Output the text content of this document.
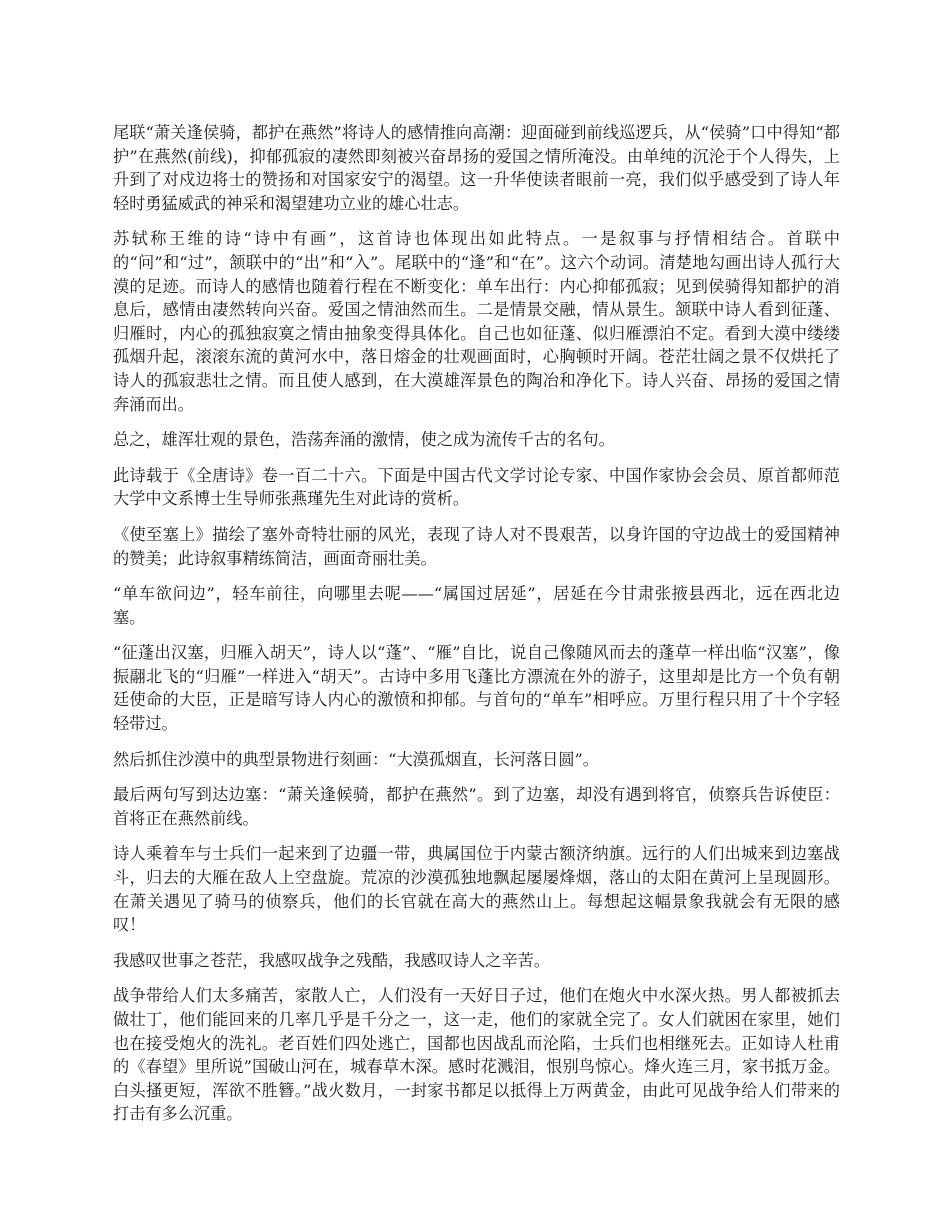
尾联“萧关逢侯骑，都护在燕然”将诗人的感情推向高潮：迎面碰到前线巡逻兵，从“侯骑”口中得知“都护”在燕然(前线)，抑郁孤寂的凄然即刻被兴奋昂扬的爱国之情所淹没。由单纯的沉沦于个人得失，上升到了对戍边将士的赞扬和对国家安宁的渴望。这一升华使读者眼前一亮，我们似乎感受到了诗人年轻时勇猛威武的神采和渴望建功立业的雄心壮志。

苏轼称王维的诗“诗中有画”，这首诗也体现出如此特点。一是叙事与抒情相结合。首联中的“问”和“过”，颔联中的“出”和“入”。尾联中的“逢”和“在”。这六个动词。清楚地勾画出诗人孤行大漠的足迹。而诗人的感情也随着行程在不断变化：单车出行：内心抑郁孤寂；见到侯骑得知都护的消息后，感情由凄然转向兴奋。爱国之情油然而生。二是情景交融，情从景生。颔联中诗人看到征蓬、归雁时，内心的孤独寂寞之情由抽象变得具体化。自己也如征蓬、似归雁漂泊不定。看到大漠中缕缕孤烟升起，滚滚东流的黄河水中，落日熔金的壮观画面时，心胸顿时开阔。苍茫壮阔之景不仅烘托了诗人的孤寂悲壮之情。而且使人感到，在大漠雄浑景色的陶冶和净化下。诗人兴奋、昂扬的爱国之情奔涌而出。

总之，雄浑壮观的景色，浩荡奔涌的激情，使之成为流传千古的名句。

此诗载于《全唐诗》卷一百二十六。下面是中国古代文学讨论专家、中国作家协会会员、原首都师范大学中文系博士生导师张燕瑾先生对此诗的赏析。

《使至塞上》描绘了塞外奇特壮丽的风光，表现了诗人对不畏艰苦，以身许国的守边战士的爱国精神的赞美；此诗叙事精练简洁，画面奇丽壮美。

“单车欲问边”，轻车前往，向哪里去呢——“属国过居延”，居延在今甘肃张掖县西北，远在西北边塞。

“征蓬出汉塞，归雁入胡天”，诗人以“蓬”、“雁”自比，说自己像随风而去的蓬草一样出临“汉塞”，像振翮北飞的“归雁”一样进入“胡天”。古诗中多用飞蓬比方漂流在外的游子，这里却是比方一个负有朝廷使命的大臣，正是暗写诗人内心的激愤和抑郁。与首句的“单车”相呼应。万里行程只用了十个字轻轻带过。

然后抓住沙漠中的典型景物进行刻画：“大漠孤烟直，长河落日圆”。

最后两句写到达边塞：“萧关逢候骑，都护在燕然”。到了边塞，却没有遇到将官，侦察兵告诉使臣：首将正在燕然前线。

诗人乘着车与士兵们一起来到了边疆一带，典属国位于内蒙古额济纳旗。远行的人们出城来到边塞战斗，归去的大雁在敌人上空盘旋。荒凉的沙漠孤独地飘起屡屡烽烟，落山的太阳在黄河上呈现圆形。在萧关遇见了骑马的侦察兵，他们的长官就在高大的燕然山上。每想起这幅景象我就会有无限的感叹！

我感叹世事之苍茫，我感叹战争之残酷，我感叹诗人之辛苦。

战争带给人们太多痛苦，家散人亡，人们没有一天好日子过，他们在炮火中水深火热。男人都被抓去做壮丁，他们能回来的几率几乎是千分之一，这一走，他们的家就全完了。女人们就困在家里，她们也在接受炮火的洗礼。老百姓们四处逃亡，国都也因战乱而沦陷，士兵们也相继死去。正如诗人杜甫的《春望》里所说”国破山河在，城春草木深。感时花溅泪，恨别鸟惊心。烽火连三月，家书抵万金。白头搔更短，浑欲不胜簪。”战火数月，一封家书都足以抵得上万两黄金，由此可见战争给人们带来的打击有多么沉重。
